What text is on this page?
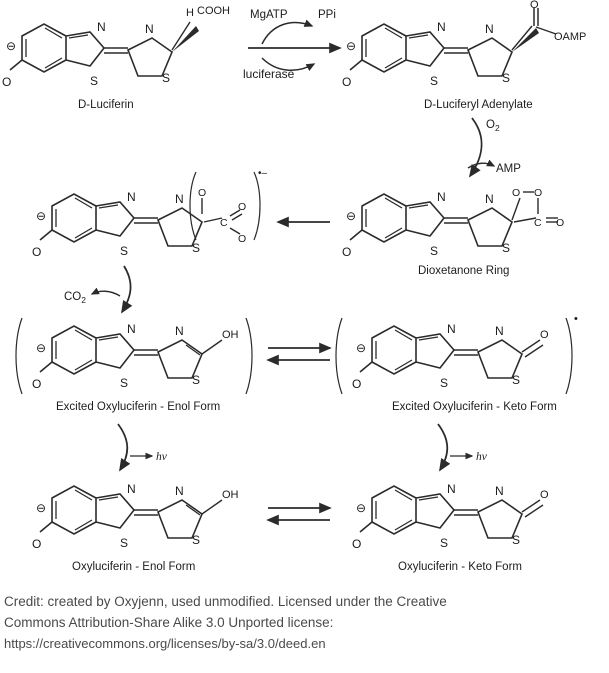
N
S
O
⊖
N
S
H COOH
D-Luciferin
MgATP	PPi
luciferase
N
S
O
⊖
N
S
O
OAMP
D-Luciferyl Adenylate
$O_2$
AMP
N
S
O
⊖
N
S
O O
C O
Dioxetanone Ring
N
S
O
⊖
N
S
O
C
O
O
•–
$CO_2$
N
S
O
⊖
N
S
OH
Excited Oxyluciferin - Enol Form
N
S
O
⊖
N
S
O
•
Excited Oxyluciferin - Keto Form
hv	hv
N
S
O
⊖
N
S
OH
Oxyluciferin - Enol Form
N
S
O
⊖
N
S
O
Oxyluciferin - Keto Form
Credit: created by Oxyjenn, used unmodified. Licensed under the Creative
Commons Attribution-Share Alike 3.0 Unported license:
https://creativecommons.org/licenses/by-sa/3.0/deed.en
